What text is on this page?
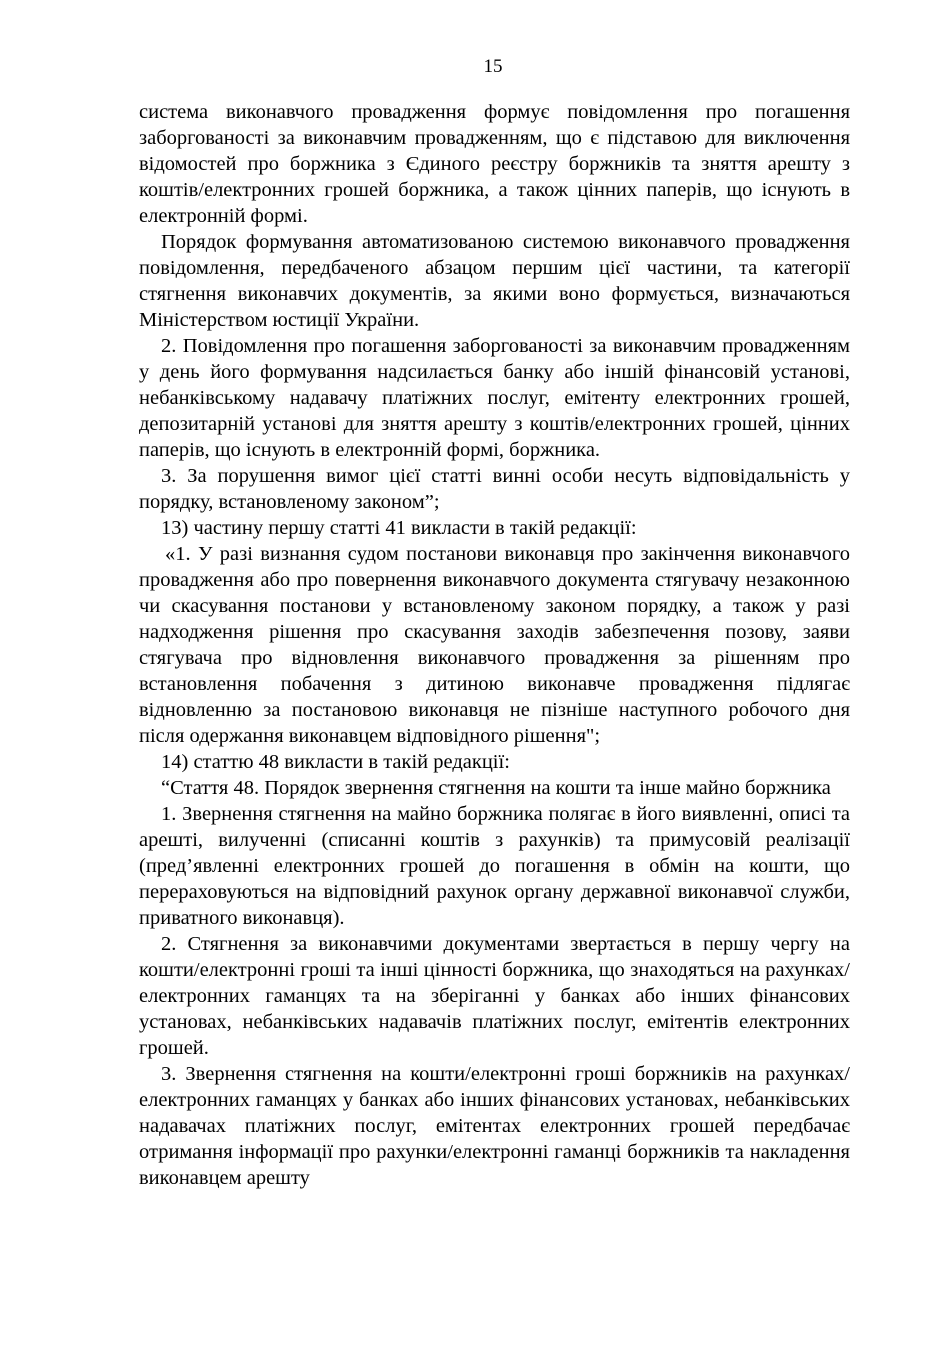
15

система виконавчого провадження формує повідомлення про погашення заборгованості за виконавчим провадженням, що є підставою для виключення відомостей про боржника з Єдиного реєстру боржників та зняття арешту з коштів/електронних грошей боржника, а також цінних паперів, що існують в електронній формі.

Порядок формування автоматизованою системою виконавчого провадження повідомлення, передбаченого абзацом першим цієї частини, та категорії стягнення виконавчих документів, за якими воно формується, визначаються Міністерством юстиції України.

2. Повідомлення про погашення заборгованості за виконавчим провадженням у день його формування надсилається банку або іншій фінансовій установі, небанківському надавачу платіжних послуг, емітенту електронних грошей, депозитарній установі для зняття арешту з коштів/електронних грошей, цінних паперів, що існують в електронній формі, боржника.

3. За порушення вимог цієї статті винні особи несуть відповідальність у порядку, встановленому законом”;

13) частину першу статті 41 викласти в такій редакції:

«1. У разі визнання судом постанови виконавця про закінчення виконавчого провадження або про повернення виконавчого документа стягувачу незаконною чи скасування постанови у встановленому законом порядку, а також у разі надходження рішення про скасування заходів забезпечення позову, заяви стягувача про відновлення виконавчого провадження за рішенням про встановлення побачення з дитиною виконавче провадження підлягає відновленню за постановою виконавця не пізніше наступного робочого дня після одержання виконавцем відповідного рішення";

14) статтю 48 викласти в такій редакції:

“Стаття 48. Порядок звернення стягнення на кошти та інше майно боржника

1. Звернення стягнення на майно боржника полягає в його виявленні, описі та арешті, вилученні (списанні коштів з рахунків) та примусовій реалізації (пред’явленні електронних грошей до погашення в обмін на кошти, що перераховуються на відповідний рахунок органу державної виконавчої служби, приватного виконавця).

2. Стягнення за виконавчими документами звертається в першу чергу на кошти/електронні гроші та інші цінності боржника, що знаходяться на рахунках/електронних гаманцях та на зберіганні у банках або інших фінансових установах, небанківських надавачів платіжних послуг, емітентів електронних грошей.

3. Звернення стягнення на кошти/електронні гроші боржників на рахунках/електронних гаманцях у банках або інших фінансових установах, небанківських надавачах платіжних послуг, емітентах електронних грошей передбачає отримання інформації про рахунки/електронні гаманці боржників та накладення виконавцем арешту
